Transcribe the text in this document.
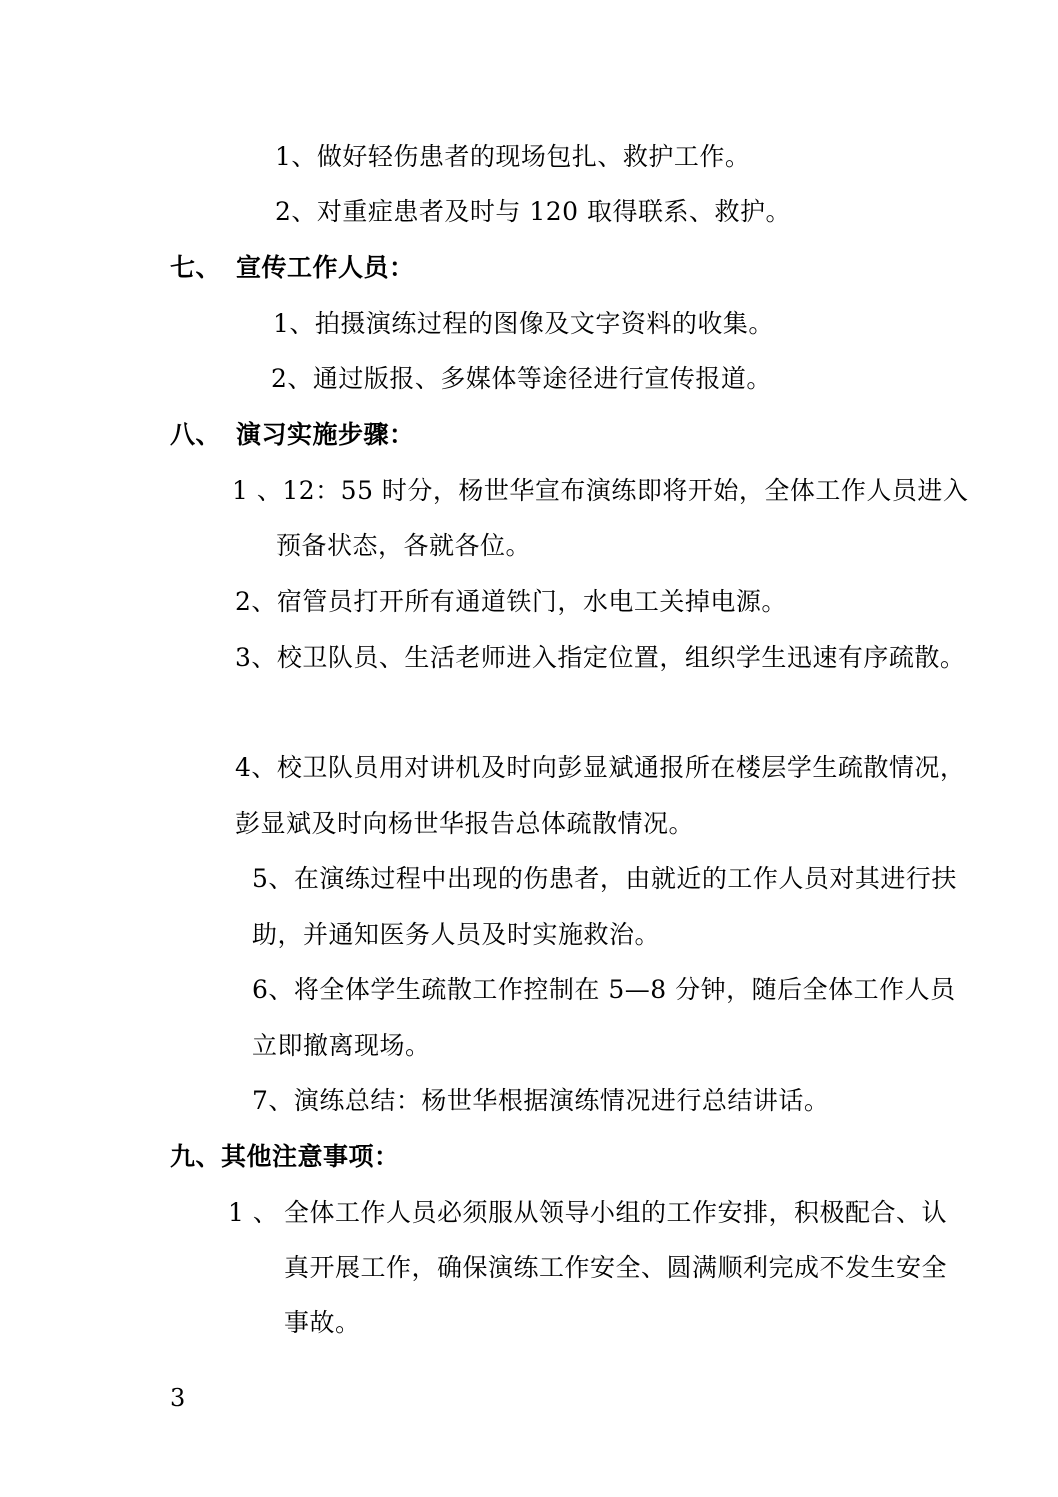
1、做好轻伤患者的现场包扎、救护工作。
2、对重症患者及时与 120 取得联系、救护。
七、 宣传工作人员：
1、拍摄演练过程的图像及文字资料的收集。
2、通过版报、多媒体等途径进行宣传报道。
八、 演习实施步骤：
1 、12：55 时分，杨世华宣布演练即将开始，全体工作人员进入
预备状态，各就各位。
2、宿管员打开所有通道铁门，水电工关掉电源。
3、校卫队员、生活老师进入指定位置，组织学生迅速有序疏散。
4、校卫队员用对讲机及时向彭显斌通报所在楼层学生疏散情况，
彭显斌及时向杨世华报告总体疏散情况。
5、在演练过程中出现的伤患者，由就近的工作人员对其进行扶
助，并通知医务人员及时实施救治。
6、将全体学生疏散工作控制在 5—8 分钟，随后全体工作人员
立即撤离现场。
7、演练总结：杨世华根据演练情况进行总结讲话。
九、其他注意事项：
1 、 全体工作人员必须服从领导小组的工作安排，积极配合、认
真开展工作，确保演练工作安全、圆满顺利完成不发生安全
事故。
3
